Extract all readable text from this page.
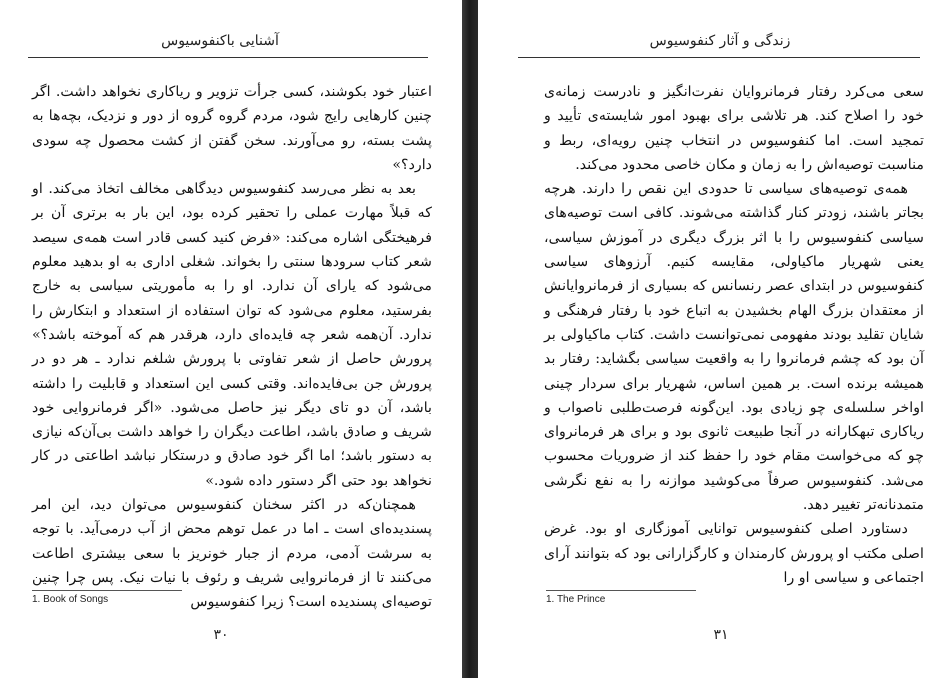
آشنایی باکنفوسیوس

اعتبار خود بکوشند، کسی جرأت تزویر و ریاکاری نخواهد داشت. اگر چنین کارهایی رایج شود، مردم گروه گروه از دور و نزدیک، بچه‌ها به پشت بسته، رو می‌آورند. سخن گفتن از کشت محصول چه سودی دارد؟»

بعد به نظر می‌رسد کنفوسیوس دیدگاهی مخالف اتخاذ می‌کند. او که قبلاً مهارت عملی را تحقیر کرده بود، این بار به برتری آن بر فرهیختگی اشاره می‌کند: «فرض کنید کسی قادر است همه‌ی سیصد شعر کتاب سرودها سنتی را بخواند. شغلی اداری به او بدهید معلوم می‌شود که یارای آن ندارد. او را به مأموریتی سیاسی به خارج بفرستید، معلوم می‌شود که توان استفاده از استعداد و ابتکارش را ندارد. آن‌همه شعر چه فایده‌ای دارد، هرقدر هم که آموخته باشد؟» پرورش حاصل از شعر تفاوتی با پرورش شلغم ندارد ـ هر دو در پرورش جن بی‌فایده‌اند. وقتی کسی این استعداد و قابلیت را داشته باشد، آن دو تای دیگر نیز حاصل می‌شود. «اگر فرمانروایی خود شریف و صادق باشد، اطاعت دیگران را خواهد داشت بی‌آن‌که نیازی به دستور باشد؛ اما اگر خود صادق و درستکار نباشد اطاعتی در کار نخواهد بود حتی اگر دستور داده شود.»

همچنان‌که در اکثر سخنان کنفوسیوس می‌توان دید، این امر پسندیده‌ای است ـ اما در عمل توهم محض از آب درمی‌آید. با توجه به سرشت آدمی، مردم از جبار خونریز با سعی بیشتری اطاعت می‌کنند تا از فرمانروایی شریف و رئوف با نیات نیک. پس چرا چنین توصیه‌ای پسندیده است؟ زیرا کنفوسیوس

1. Book of Songs
۳۰
زندگی و آثار کنفوسیوس

سعی می‌کرد رفتار فرمانروایان نفرت‌انگیز و نادرست زمانه‌ی خود را اصلاح کند. هر تلاشی برای بهبود امور شایسته‌ی تأیید و تمجید است. اما کنفوسیوس در انتخاب چنین رویه‌ای، ربط و مناسبت توصیه‌اش را به زمان و مکان خاصی محدود می‌کند.

همه‌ی توصیه‌های سیاسی تا حدودی این نقص را دارند. هرچه بجاتر باشند، زودتر کنار گذاشته می‌شوند. کافی است توصیه‌های سیاسی کنفوسیوس را با اثر بزرگ دیگری در آموزش سیاسی، یعنی شهریار ماکیاولی، مقایسه کنیم. آرزوهای سیاسی کنفوسیوس در ابتدای عصر رنسانس که بسیاری از فرمانروایانش از معتقدان بزرگ الهام بخشیدن به اتباع خود با رفتار فرهنگی و شایان تقلید بودند مفهومی نمی‌توانست داشت. کتاب ماکیاولی بر آن بود که چشم فرمانروا را به واقعیت سیاسی بگشاید: رفتار بد همیشه برنده است. بر همین اساس، شهریار برای سردار چینی اواخر سلسله‌ی چو زیادی بود. این‌گونه فرصت‌طلبی ناصواب و ریاکاری تبهکارانه در آنجا طبیعت ثانوی بود و برای هر فرمانروای چو که می‌خواست مقام خود را حفظ کند از ضروریات محسوب می‌شد. کنفوسیوس صرفاً می‌کوشید موازنه را به نفع نگرشی متمدنانه‌تر تغییر دهد.

دستاورد اصلی کنفوسیوس توانایی آموزگاری او بود. غرض اصلی مکتب او پرورش کارمندان و کارگزارانی بود که بتوانند آرای اجتماعی و سیاسی او را

1. The Prince
۳۱
